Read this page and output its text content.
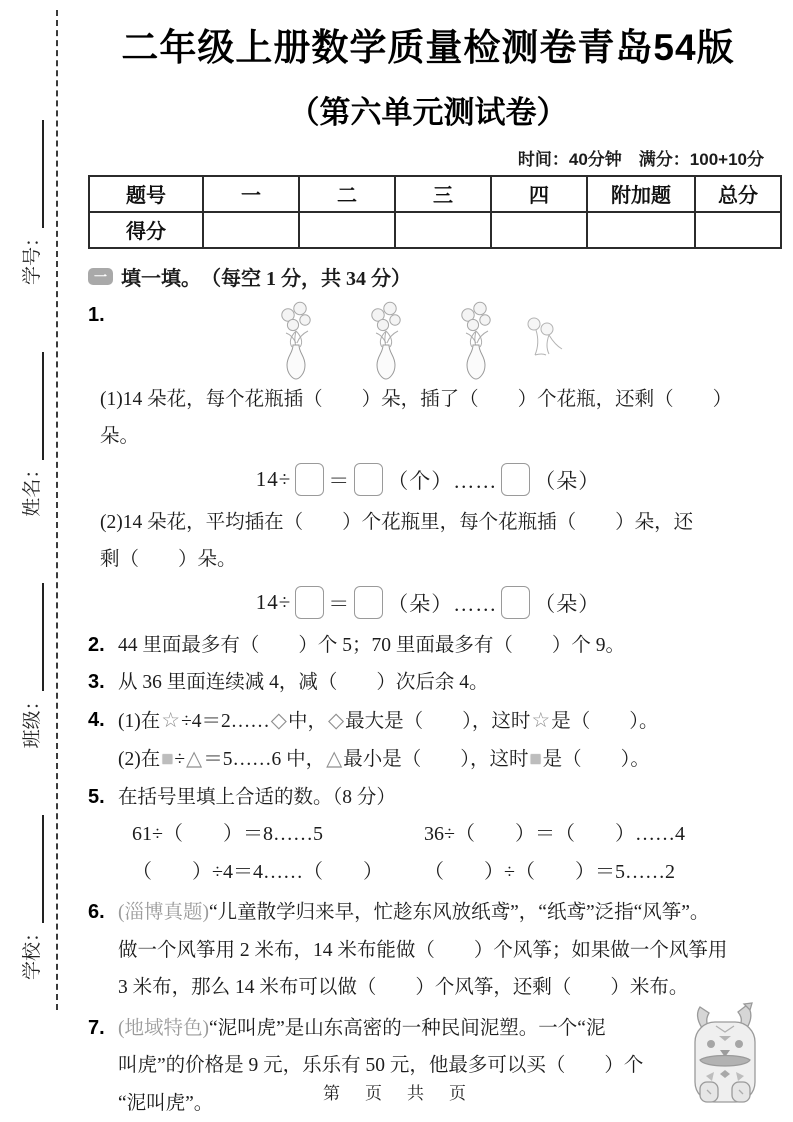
学校：
班级：
姓名：
学号：
二年级上册数学质量检测卷青岛54版
（第六单元测试卷）
时间：40分钟　满分：100+10分
题号	一	二	三	四	附加题	总分
得分						
一 填一填。 （每空 1 分，共 34 分）
1.
(1)14 朵花，每个花瓶插（　　）朵，插了（　　）个花瓶，还剩（　　）朵。
14÷ ＝ （个）…… （朵）
(2)14 朵花，平均插在（　　）个花瓶里，每个花瓶插（　　）朵，还
剩（　　）朵。
14÷ ＝ （朵）…… （朵）
2. 44 里面最多有（　　）个 5；70 里面最多有（　　）个 9。
3. 从 36 里面连续减 4，减（　　）次后余 4。
4. (1)在☆÷4＝2……◇中，◇最大是（　　），这时☆是（　　）。
(2)在■÷△＝5……6 中，△最小是（　　），这时■是（　　）。
5. 在括号里填上合适的数。（8 分）
61÷（　　）＝8……5	36÷（　　）＝（　　）……4
（　　）÷4＝4……（　　）	（　　）÷（　　）＝5……2
6. (淄博真题)“儿童散学归来早，忙趁东风放纸鸢”，“纸鸢”泛指“风筝”。
做一个风筝用 2 米布，14 米布能做（　　）个风筝；如果做一个风筝用
3 米布，那么 14 米布可以做（　　）个风筝，还剩（　　）米布。
7. (地域特色)“泥叫虎”是山东高密的一种民间泥塑。一个“泥
叫虎”的价格是 9 元，乐乐有 50 元，他最多可以买（　　）个
“泥叫虎”。	第　页　共　页
